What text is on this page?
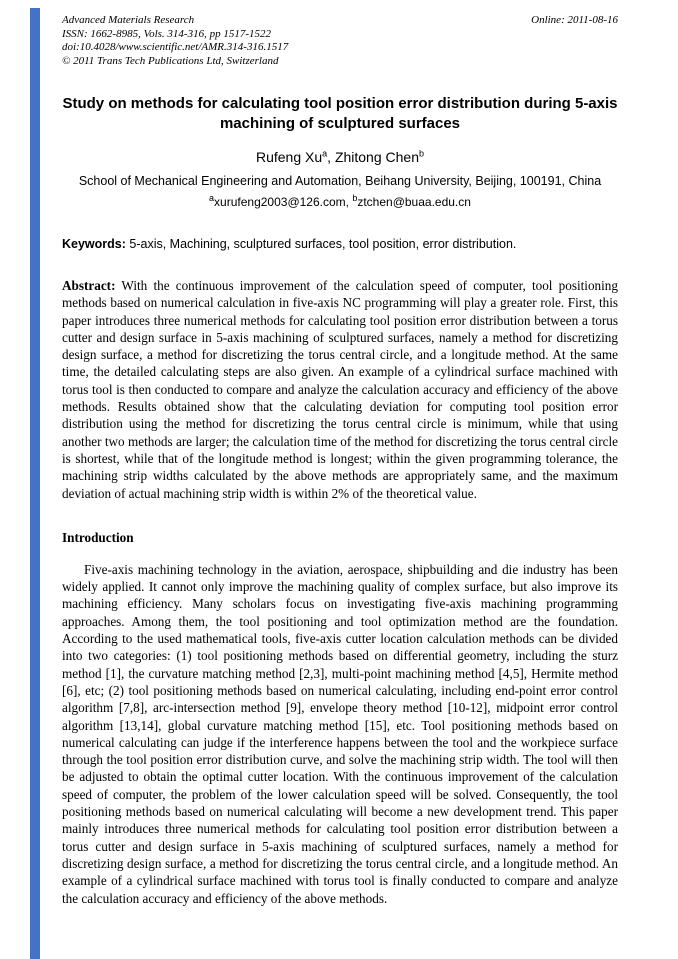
Advanced Materials Research
ISSN: 1662-8985, Vols. 314-316, pp 1517-1522
doi:10.4028/www.scientific.net/AMR.314-316.1517
© 2011 Trans Tech Publications Ltd, Switzerland
Online: 2011-08-16
Study on methods for calculating tool position error distribution during 5-axis machining of sculptured surfaces
Rufeng Xu$^a$, Zhitong Chen$^b$
School of Mechanical Engineering and Automation, Beihang University, Beijing, 100191, China
$^a$xurufeng2003@126.com, $^b$ztchen@buaa.edu.cn
Keywords: 5-axis, Machining, sculptured surfaces, tool position, error distribution.
Abstract: With the continuous improvement of the calculation speed of computer, tool positioning methods based on numerical calculation in five-axis NC programming will play a greater role. First, this paper introduces three numerical methods for calculating tool position error distribution between a torus cutter and design surface in 5-axis machining of sculptured surfaces, namely a method for discretizing design surface, a method for discretizing the torus central circle, and a longitude method. At the same time, the detailed calculating steps are also given. An example of a cylindrical surface machined with torus tool is then conducted to compare and analyze the calculation accuracy and efficiency of the above methods. Results obtained show that the calculating deviation for computing tool position error distribution using the method for discretizing the torus central circle is minimum, while that using another two methods are larger; the calculation time of the method for discretizing the torus central circle is shortest, while that of the longitude method is longest; within the given programming tolerance, the machining strip widths calculated by the above methods are appropriately same, and the maximum deviation of actual machining strip width is within 2% of the theoretical value.
Introduction
Five-axis machining technology in the aviation, aerospace, shipbuilding and die industry has been widely applied. It cannot only improve the machining quality of complex surface, but also improve its machining efficiency. Many scholars focus on investigating five-axis machining programming approaches. Among them, the tool positioning and tool optimization method are the foundation. According to the used mathematical tools, five-axis cutter location calculation methods can be divided into two categories: (1) tool positioning methods based on differential geometry, including the sturz method [1], the curvature matching method [2,3], multi-point machining method [4,5], Hermite method [6], etc; (2) tool positioning methods based on numerical calculating, including end-point error control algorithm [7,8], arc-intersection method [9], envelope theory method [10-12], midpoint error control algorithm [13,14], global curvature matching method [15], etc. Tool positioning methods based on numerical calculating can judge if the interference happens between the tool and the workpiece surface through the tool position error distribution curve, and solve the machining strip width. The tool will then be adjusted to obtain the optimal cutter location. With the continuous improvement of the calculation speed of computer, the problem of the lower calculation speed will be solved. Consequently, the tool positioning methods based on numerical calculating will become a new development trend. This paper mainly introduces three numerical methods for calculating tool position error distribution between a torus cutter and design surface in 5-axis machining of sculptured surfaces, namely a method for discretizing design surface, a method for discretizing the torus central circle, and a longitude method. An example of a cylindrical surface machined with torus tool is finally conducted to compare and analyze the calculation accuracy and efficiency of the above methods.
